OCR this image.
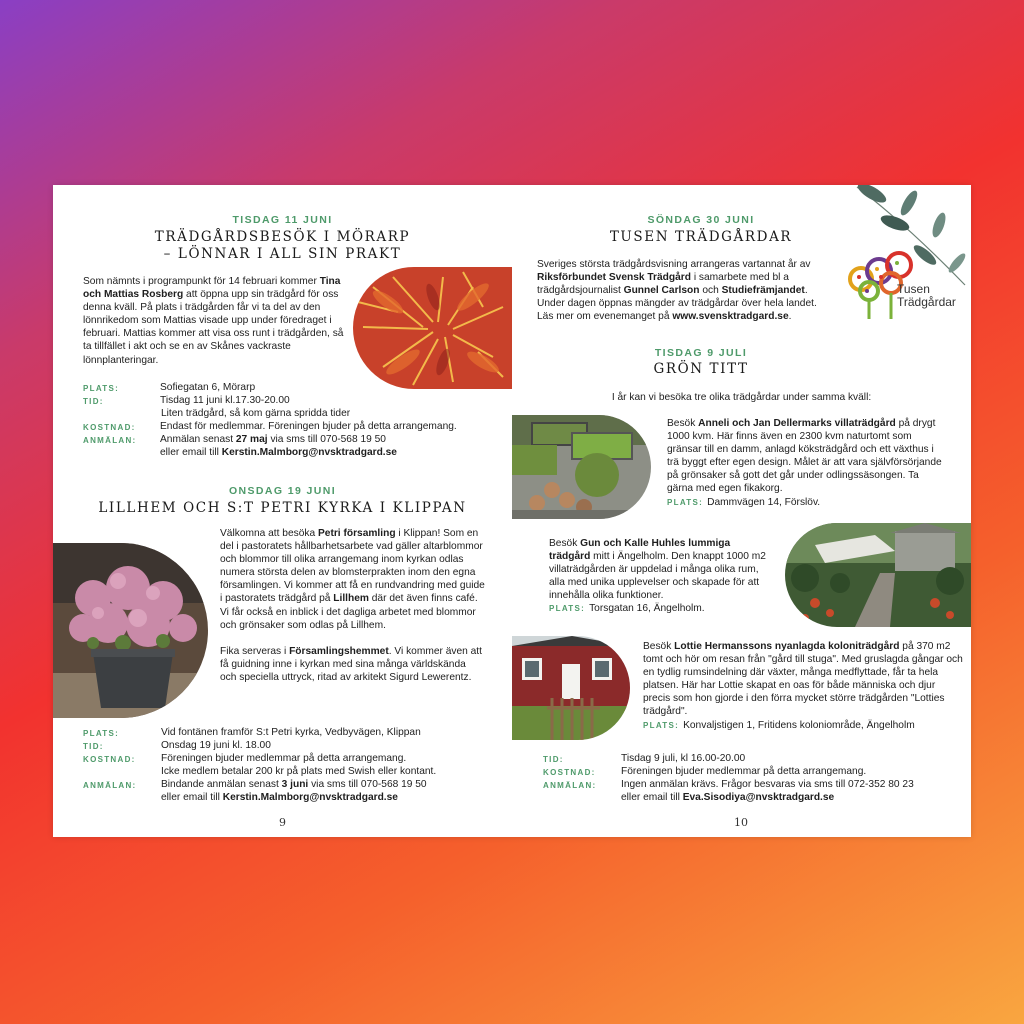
TISDAG 11 JUNI
TRÄDGÅRDSBESÖK I MÖRARP
– LÖNNAR I ALL SIN PRAKT
Som nämnts i programpunkt för 14 februari kommer Tina och Mattias Rosberg att öppna upp sin trädgård för oss denna kväll. På plats i trädgården får vi ta del av den lönnrikedom som Mattias visade upp under föredraget i februari. Mattias kommer att visa oss runt i trädgården, så ta tillfället i akt och se en av Skånes vackraste lönnplanteringar.
PLATS:	Sofiegatan 6, Mörarp
TID:	Tisdag 11 juni kl.17.30-20.00
Liten trädgård, så kom gärna spridda tider
KOSTNAD: Endast för medlemmar. Föreningen bjuder på detta arrangemang.
ANMÄLAN: Anmälan senast 27 maj via sms till 070-568 19 50
eller email till Kerstin.Malmborg@nvsktradgard.se
ONSDAG 19 JUNI
LILLHEM OCH S:T PETRI KYRKA I KLIPPAN
Välkomna att besöka Petri församling i Klippan! Som en del i pastoratets hållbarhetsarbete vad gäller altarblommor och blommor till olika arrangemang inom kyrkan odlas numera största delen av blomsterprakten inom den egna församlingen. Vi kommer att få en rundvandring med guide i pastoratets trädgård på Lillhem där det även finns café. Vi får också en inblick i det dagliga arbetet med blommor och grönsaker som odlas på Lillhem.
Fika serveras i Församlingshemmet. Vi kommer även att få guidning inne i kyrkan med sina många världskända och speciella uttryck, ritad av arkitekt Sigurd Lewerentz.
PLATS:	Vid fontänen framför S:t Petri kyrka, Vedbyvägen, Klippan
TID:	Onsdag 19 juni kl. 18.00
KOSTNAD: Föreningen bjuder medlemmar på detta arrangemang.
Icke medlem betalar 200 kr på plats med Swish eller kontant.
ANMÄLAN: Bindande anmälan senast 3 juni via sms till 070-568 19 50
eller email till Kerstin.Malmborg@nvsktradgard.se
9
SÖNDAG 30 JUNI
TUSEN TRÄDGÅRDAR
Sveriges största trädgårdsvisning arrangeras vartannat år av Riksförbundet Svensk Trädgård i samarbete med bl a trädgårdsjournalist Gunnel Carlson och Studiefrämjandet. Under dagen öppnas mängder av trädgårdar över hela landet. Läs mer om evenemanget på www.svensktradgard.se.
Tusen
Trädgårdar
TISDAG 9 JULI
GRÖN TITT
I år kan vi besöka tre olika trädgårdar under samma kväll:
Besök Anneli och Jan Dellermarks villaträdgård på drygt 1000 kvm. Här finns även en 2300 kvm naturtomt som gränsar till en damm, anlagd köksträdgård och ett växthus i trä byggt efter egen design. Målet är att vara självförsörjande på grönsaker så gott det går under odlingssäsongen. Ta gärna med egen fikakorg.
PLATS: Dammvägen 14, Förslöv.
Besök Gun och Kalle Huhles lummiga trädgård mitt i Ängelholm. Den knappt 1000 m2 villaträdgården är uppdelad i många olika rum, alla med unika upplevelser och skapade för att innehålla olika funktioner.
PLATS: Torsgatan 16, Ängelholm.
Besök Lottie Hermanssons nyanlagda koloniträdgård på 370 m2 tomt och hör om resan från "gård till stuga". Med gruslagda gångar och en tydlig rumsindelning där växter, många medflyttade, får ta hela platsen. Här har Lottie skapat en oas för både människa och djur precis som hon gjorde i den förra mycket större trädgården "Lotties trädgård".
PLATS: Konvaljstigen 1, Fritidens koloniområde, Ängelholm
TID:	Tisdag 9 juli, kl 16.00-20.00
KOSTNAD: Föreningen bjuder medlemmar på detta arrangemang.
ANMÄLAN: Ingen anmälan krävs. Frågor besvaras via sms till 072-352 80 23
eller email till Eva.Sisodiya@nvsktradgard.se
10
